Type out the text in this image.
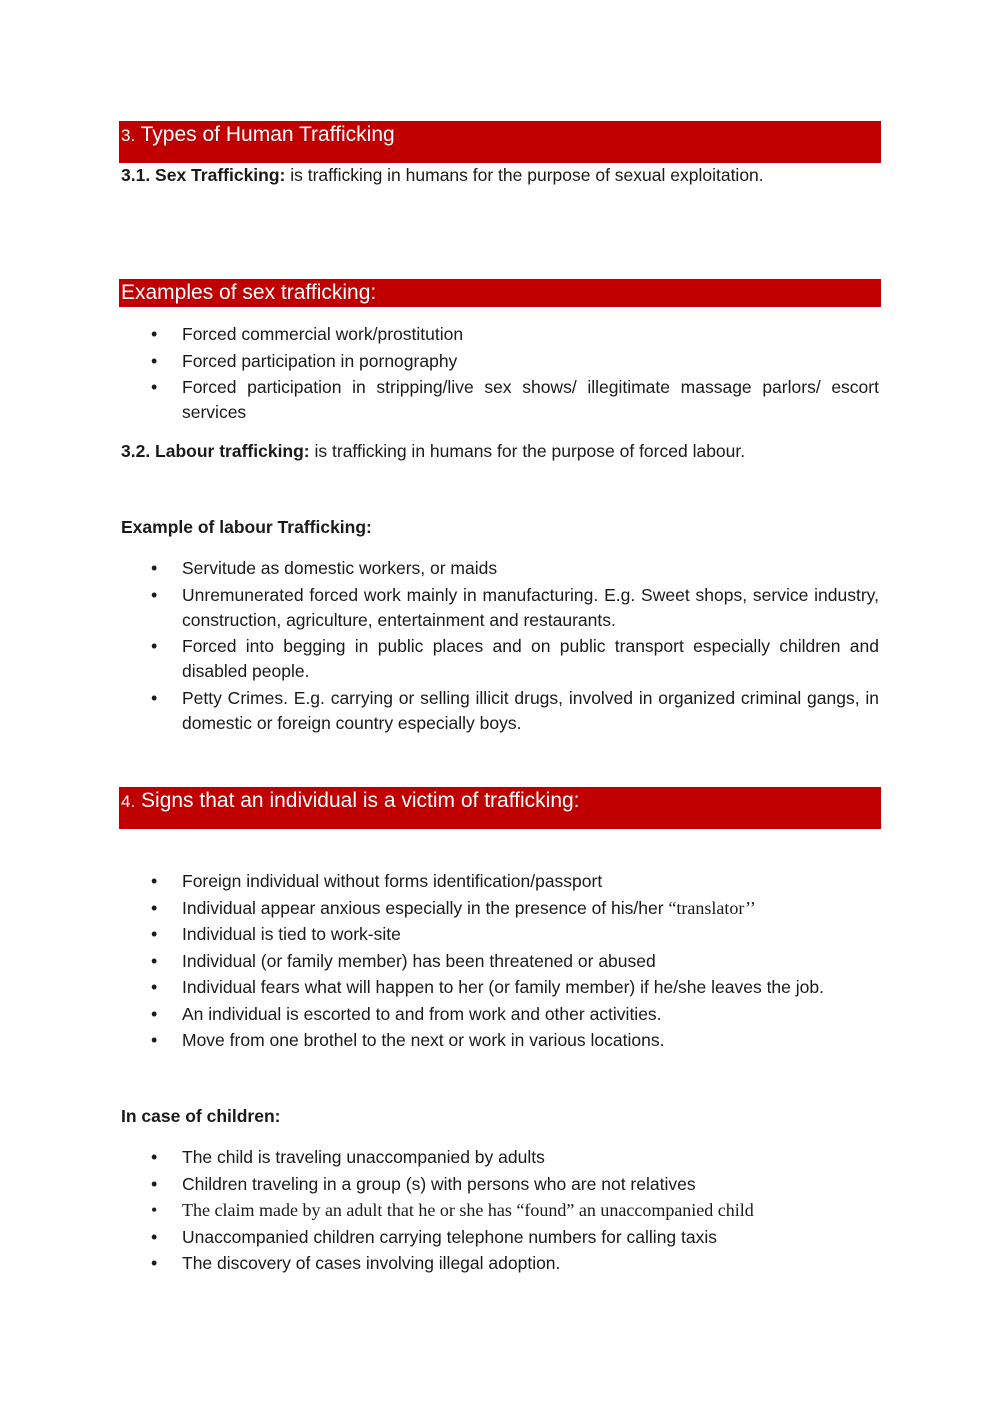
3. Types of Human Trafficking
3.1. Sex Trafficking: is trafficking in humans for the purpose of sexual exploitation.
Examples of sex trafficking:
• Forced commercial work/prostitution
• Forced participation in pornography
• Forced participation in stripping/live sex shows/ illegitimate massage parlors/ escort services
3.2. Labour trafficking: is trafficking in humans for the purpose of forced labour.
Example of labour Trafficking:
• Servitude as domestic workers, or maids
• Unremunerated forced work mainly in manufacturing. E.g. Sweet shops, service industry, construction, agriculture, entertainment and restaurants.
• Forced into begging in public places and on public transport especially children and disabled people.
• Petty Crimes. E.g. carrying or selling illicit drugs, involved in organized criminal gangs, in domestic or foreign country especially boys.
4. Signs that an individual is a victim of trafficking:
• Foreign individual without forms identification/passport
• Individual appear anxious especially in the presence of his/her “translator’’
• Individual is tied to work-site
• Individual (or family member) has been threatened or abused
• Individual fears what will happen to her (or family member) if he/she leaves the job.
• An individual is escorted to and from work and other activities.
• Move from one brothel to the next or work in various locations.
In case of children:
• The child is traveling unaccompanied by adults
• Children traveling in a group (s) with persons who are not relatives
• The claim made by an adult that he or she has “found” an unaccompanied child
• Unaccompanied children carrying telephone numbers for calling taxis
• The discovery of cases involving illegal adoption.
